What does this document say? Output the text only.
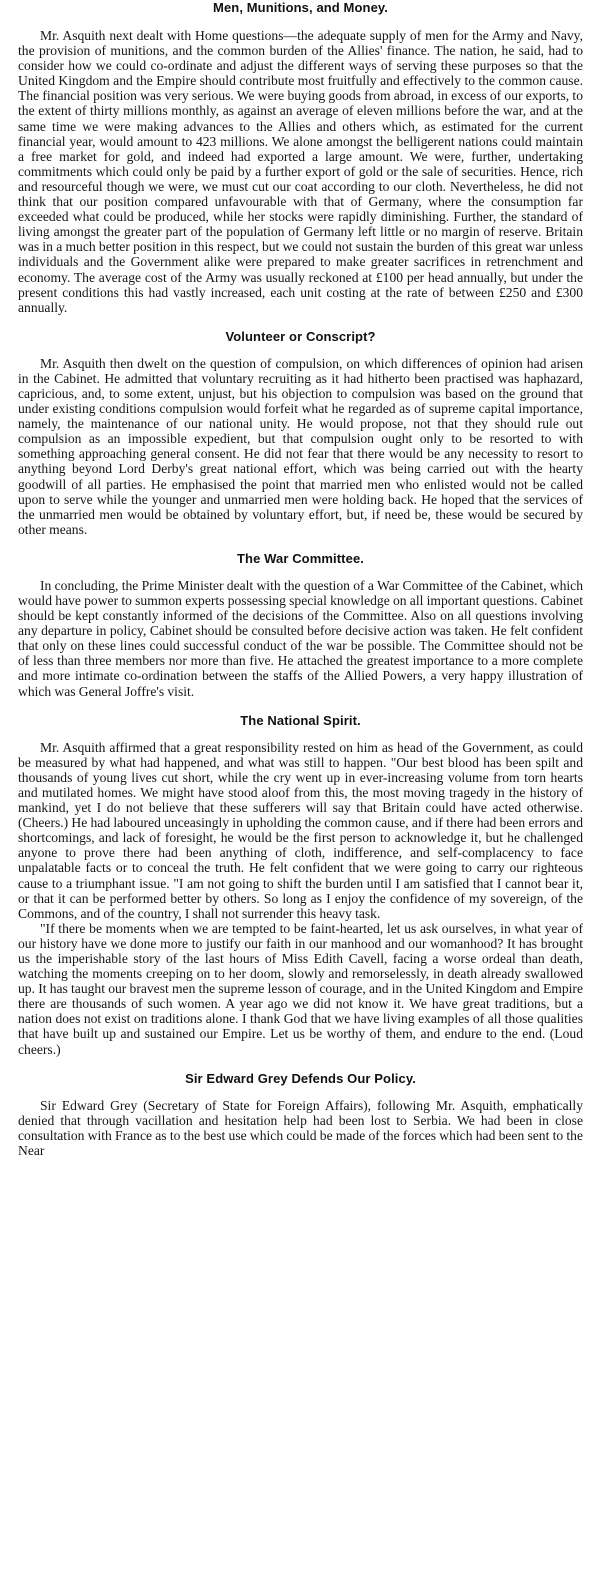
Men, Munitions, and Money.

Mr. Asquith next dealt with Home questions—the adequate supply of men for the Army and Navy, the provision of munitions, and the common burden of the Allies' finance. The nation, he said, had to consider how we could co-ordinate and adjust the different ways of serving these purposes so that the United Kingdom and the Empire should contribute most fruitfully and effectively to the common cause. The financial position was very serious. We were buying goods from abroad, in excess of our exports, to the extent of thirty millions monthly, as against an average of eleven millions before the war, and at the same time we were making advances to the Allies and others which, as estimated for the current financial year, would amount to 423 millions. We alone amongst the belligerent nations could maintain a free market for gold, and indeed had exported a large amount. We were, further, undertaking commitments which could only be paid by a further export of gold or the sale of securities. Hence, rich and resourceful though we were, we must cut our coat according to our cloth. Nevertheless, he did not think that our position compared unfavourable with that of Germany, where the consumption far exceeded what could be produced, while her stocks were rapidly diminishing. Further, the standard of living amongst the greater part of the population of Germany left little or no margin of reserve. Britain was in a much better position in this respect, but we could not sustain the burden of this great war unless individuals and the Government alike were prepared to make greater sacrifices in retrenchment and economy. The average cost of the Army was usually reckoned at £100 per head annually, but under the present conditions this had vastly increased, each unit costing at the rate of between £250 and £300 annually.

Volunteer or Conscript?

Mr. Asquith then dwelt on the question of compulsion, on which differences of opinion had arisen in the Cabinet. He admitted that voluntary recruiting as it had hitherto been practised was haphazard, capricious, and, to some extent, unjust, but his objection to compulsion was based on the ground that under existing conditions compulsion would forfeit what he regarded as of supreme capital importance, namely, the maintenance of our national unity. He would propose, not that they should rule out compulsion as an impossible expedient, but that compulsion ought only to be resorted to with something approaching general consent. He did not fear that there would be any necessity to resort to anything beyond Lord Derby's great national effort, which was being carried out with the hearty goodwill of all parties. He emphasised the point that married men who enlisted would not be called upon to serve while the younger and unmarried men were holding back. He hoped that the services of the unmarried men would be obtained by voluntary effort, but, if need be, these would be secured by other means.

The War Committee.

In concluding, the Prime Minister dealt with the question of a War Committee of the Cabinet, which would have power to summon experts possessing special knowledge on all important questions. Cabinet should be kept constantly informed of the decisions of the Committee. Also on all questions involving any departure in policy, Cabinet should be consulted before decisive action was taken. He felt confident that only on these lines could successful conduct of the war be possible. The Committee should not be of less than three members nor more than five. He attached the greatest importance to a more complete and more intimate co-ordination between the staffs of the Allied Powers, a very happy illustration of which was General Joffre's visit.

The National Spirit.

Mr. Asquith affirmed that a great responsibility rested on him as head of the Government, as could be measured by what had happened, and what was still to happen. "Our best blood has been spilt and thousands of young lives cut short, while the cry went up in ever-increasing volume from torn hearts and mutilated homes. We might have stood aloof from this, the most moving tragedy in the history of mankind, yet I do not believe that these sufferers will say that Britain could have acted otherwise. (Cheers.) He had laboured unceasingly in upholding the common cause, and if there had been errors and shortcomings, and lack of foresight, he would be the first person to acknowledge it, but he challenged anyone to prove there had been anything of cloth, indifference, and self-complacency to face unpalatable facts or to conceal the truth. He felt confident that we were going to carry our righteous cause to a triumphant issue. "I am not going to shift the burden until I am satisfied that I cannot bear it, or that it can be performed better by others. So long as I enjoy the confidence of my sovereign, of the Commons, and of the country, I shall not surrender this heavy task.

"If there be moments when we are tempted to be faint-hearted, let us ask ourselves, in what year of our history have we done more to justify our faith in our manhood and our womanhood? It has brought us the imperishable story of the last hours of Miss Edith Cavell, facing a worse ordeal than death, watching the moments creeping on to her doom, slowly and remorselessly, in death already swallowed up. It has taught our bravest men the supreme lesson of courage, and in the United Kingdom and Empire there are thousands of such women. A year ago we did not know it. We have great traditions, but a nation does not exist on traditions alone. I thank God that we have living examples of all those qualities that have built up and sustained our Empire. Let us be worthy of them, and endure to the end. (Loud cheers.)

Sir Edward Grey Defends Our Policy.

Sir Edward Grey (Secretary of State for Foreign Affairs), following Mr. Asquith, emphatically denied that through vacillation and hesitation help had been lost to Serbia. We had been in close consultation with France as to the best use which could be made of the forces which had been sent to the Near
